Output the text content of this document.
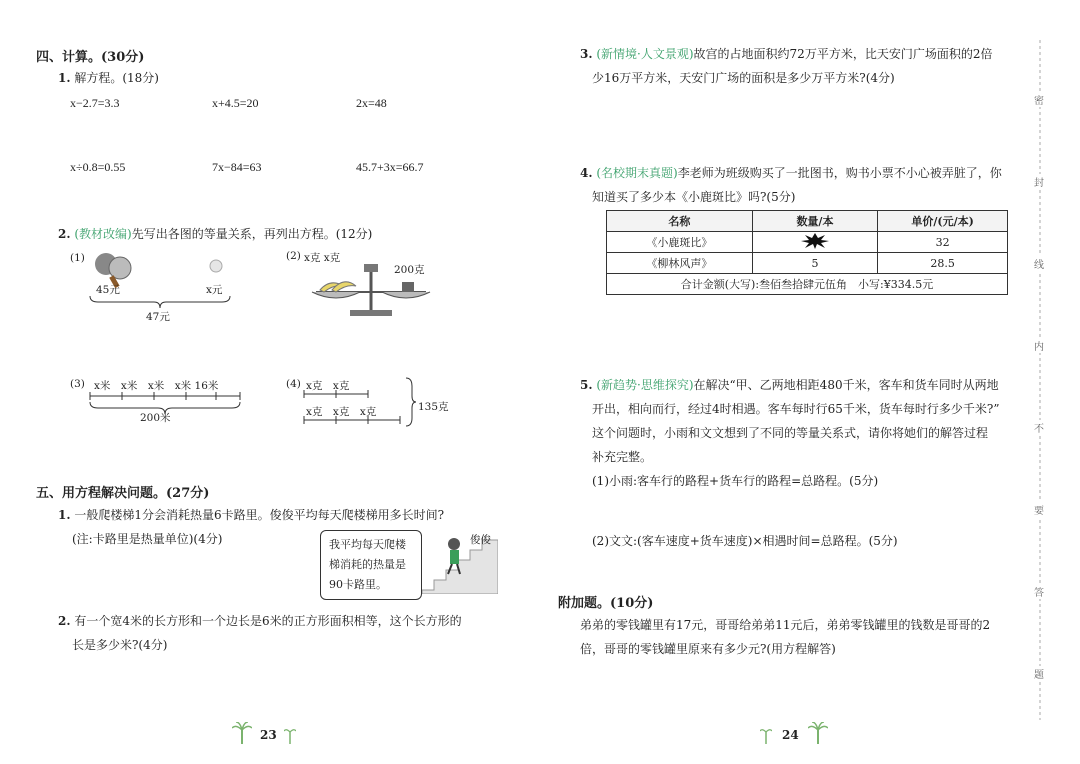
四、计算。(30分)
1. 解方程。(18分)
x−2.7=3.3	x+4.5=20	2x=48
x÷0.8=0.55	7x−84=63	45.7+3x=66.7
2. (教材改编)先写出各图的等量关系，再列出方程。(12分)
(1)
45元	x元
47元
(2) x克 x克
200克
(3) x米　x米　x米　x米 16米
200米
(4) x克　x克
x克　x克　x克	135克
五、用方程解决问题。(27分)
1. 一般爬楼梯1分会消耗热量6卡路里。俊俊平均每天爬楼梯用多长时间?
(注:卡路里是热量单位)(4分)	我平均每天爬楼梯消耗的热量是90卡路里。
俊俊
2. 有一个宽4米的长方形和一个边长是6米的正方形面积相等，这个长方形的
长是多少米?(4分)
23
3. (新情境·人文景观)故宫的占地面积约72万平方米，比天安门广场面积的2倍
少16万平方米，天安门广场的面积是多少万平方米?(4分)
4. (名校期末真题)李老师为班级购买了一批图书，购书小票不小心被弄脏了，你
知道买了多少本《小鹿斑比》吗?(5分)
名称	数量/本	单价/(元/本)
《小鹿斑比》		32
《柳林风声》	5	28.5
合计金额(大写):叁佰叁拾肆元伍角　小写:¥334.5元		
5. (新趋势·思维探究)在解决“甲、乙两地相距480千米，客车和货车同时从两地
开出，相向而行，经过4时相遇。客车每时行65千米，货车每时行多少千米?”
这个问题时，小雨和文文想到了不同的等量关系式，请你将她们的解答过程
补充完整。
(1)小雨:客车行的路程+货车行的路程=总路程。(5分)
(2)文文:(客车速度+货车速度)×相遇时间=总路程。(5分)
附加题。(10分)
弟弟的零钱罐里有17元，哥哥给弟弟11元后，弟弟零钱罐里的钱数是哥哥的2
倍，哥哥的零钱罐里原来有多少元?(用方程解答)
24
密
封
线
内
不
要
答
题
